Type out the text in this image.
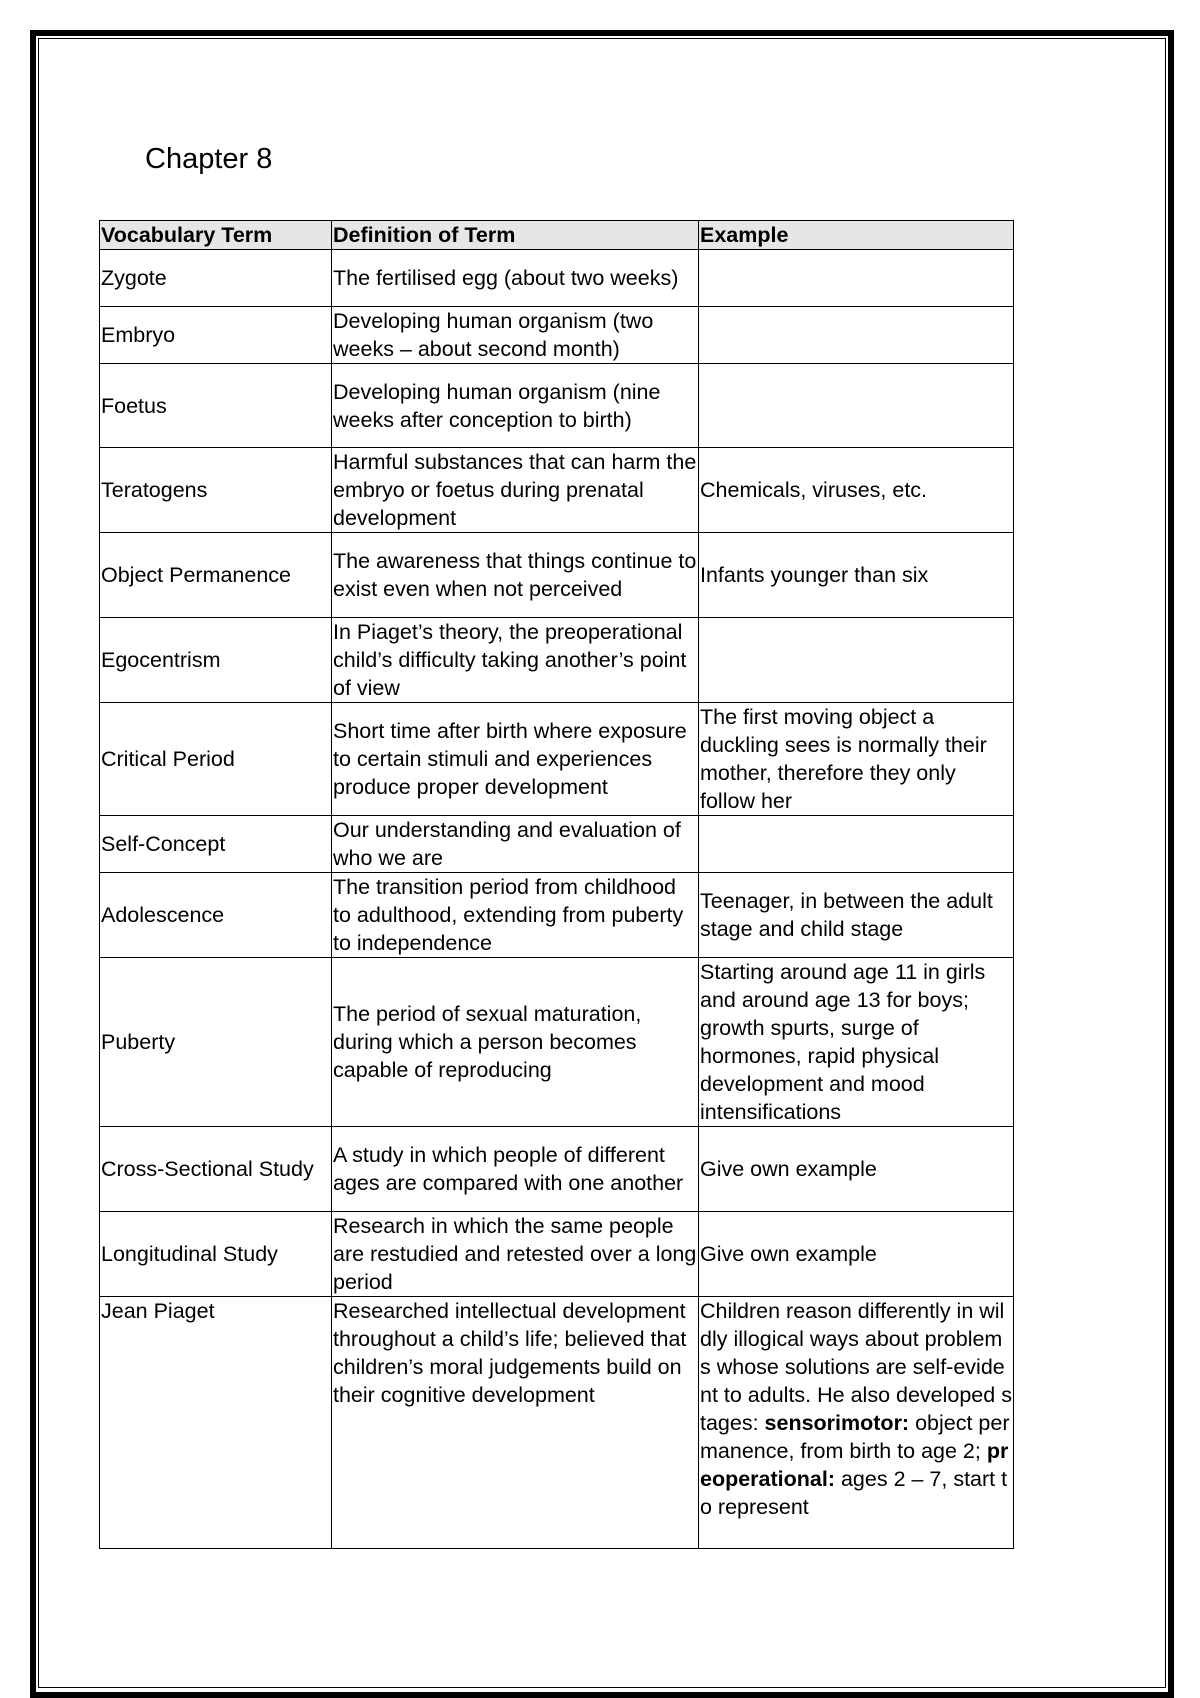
Chapter 8
Vocabulary Term	Definition of Term	Example
Zygote	The fertilised egg (about two weeks)	
Embryo	Developing human organism (two weeks – about second month)	
Foetus	Developing human organism (nine weeks after conception to birth)	
Teratogens	Harmful substances that can harm the embryo or foetus during prenatal development	Chemicals, viruses, etc.
Object Permanence	The awareness that things continue to exist even when not perceived	Infants younger than six
Egocentrism	In Piaget’s theory, the preoperational child’s difficulty taking another’s point of view	
Critical Period	Short time after birth where exposure to certain stimuli and experiences produce proper development	The first moving object a duckling sees is normally their mother, therefore they only follow her
Self-Concept	Our understanding and evaluation of who we are	
Adolescence	The transition period from childhood to adulthood, extending from puberty to independence	Teenager, in between the adult stage and child stage
Puberty	The period of sexual maturation, during which a person becomes capable of reproducing	Starting around age 11 in girls and around age 13 for boys; growth spurts, surge of hormones, rapid physical development and mood intensifications
Cross-Sectional Study	A study in which people of different ages are compared with one another	Give own example
Longitudinal Study	Research in which the same people are restudied and retested over a long period	Give own example
Jean Piaget	Researched intellectual development throughout a child’s life; believed that children’s moral judgements build on their cognitive development	Children reason differently in wildly illogical ways about problems whose solutions are self-evident to adults. He also developed stages: sensorimotor: object permanence, from birth to age 2; preoperational: ages 2 – 7, start to represent
